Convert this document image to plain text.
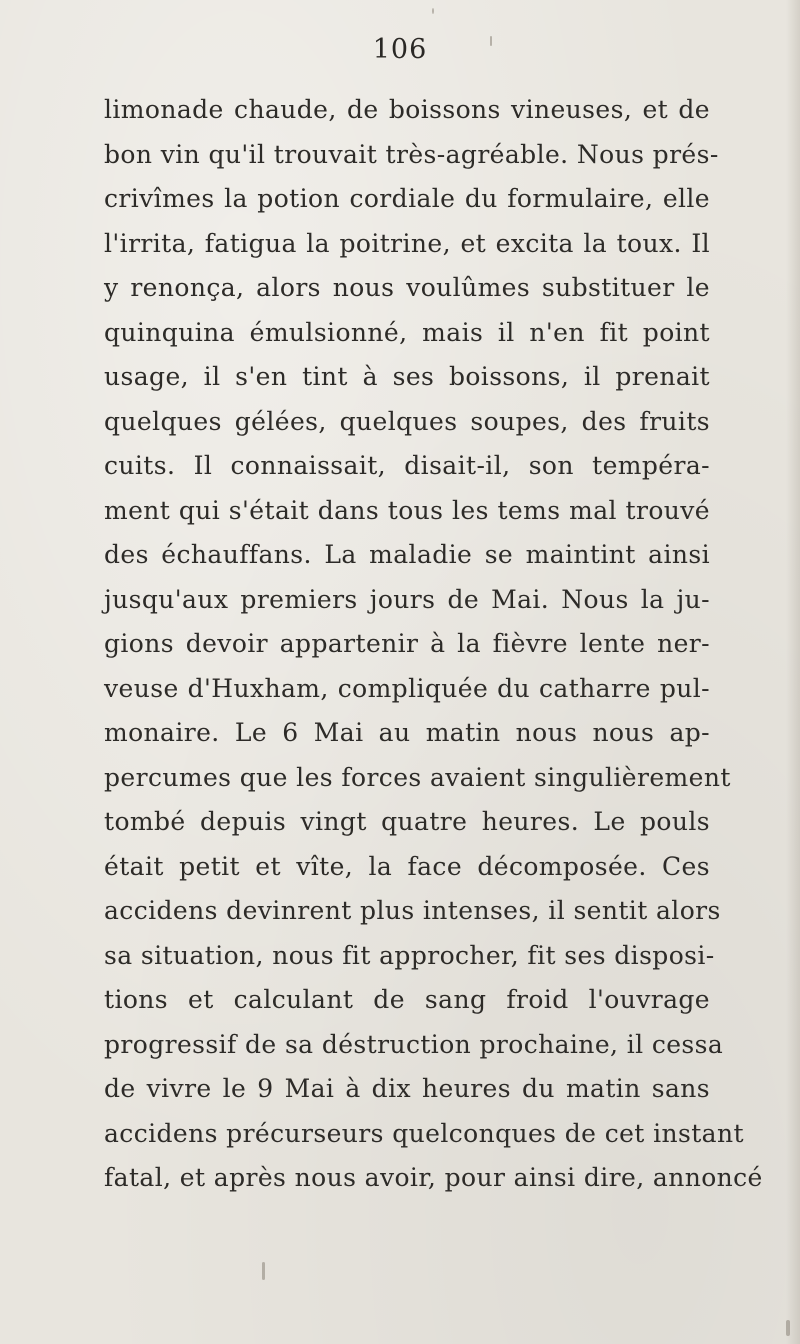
106
limonade chaude, de boissons vineuses, et de
bon vin qu'il trouvait très-agréable. Nous prés-
crivîmes la potion cordiale du formulaire, elle
l'irrita, fatigua la poitrine, et excita la toux. Il
y renonça, alors nous voulûmes substituer le
quinquina émulsionné, mais il n'en fit point
usage, il s'en tint à ses boissons, il prenait
quelques gélées, quelques soupes, des fruits
cuits. Il connaissait, disait-il, son tempéra-
ment qui s'était dans tous les tems mal trouvé
des échauffans. La maladie se maintint ainsi
jusqu'aux premiers jours de Mai. Nous la ju-
gions devoir appartenir à la fièvre lente ner-
veuse d'Huxham, compliquée du catharre pul-
monaire. Le 6 Mai au matin nous nous ap-
percumes que les forces avaient singulièrement
tombé depuis vingt quatre heures. Le pouls
était petit et vîte, la face décomposée. Ces
accidens devinrent plus intenses, il sentit alors
sa situation, nous fit approcher, fit ses disposi-
tions et calculant de sang froid l'ouvrage
progressif de sa déstruction prochaine, il cessa
de vivre le 9 Mai à dix heures du matin sans
accidens précurseurs quelconques de cet instant
fatal, et après nous avoir, pour ainsi dire, annoncé
